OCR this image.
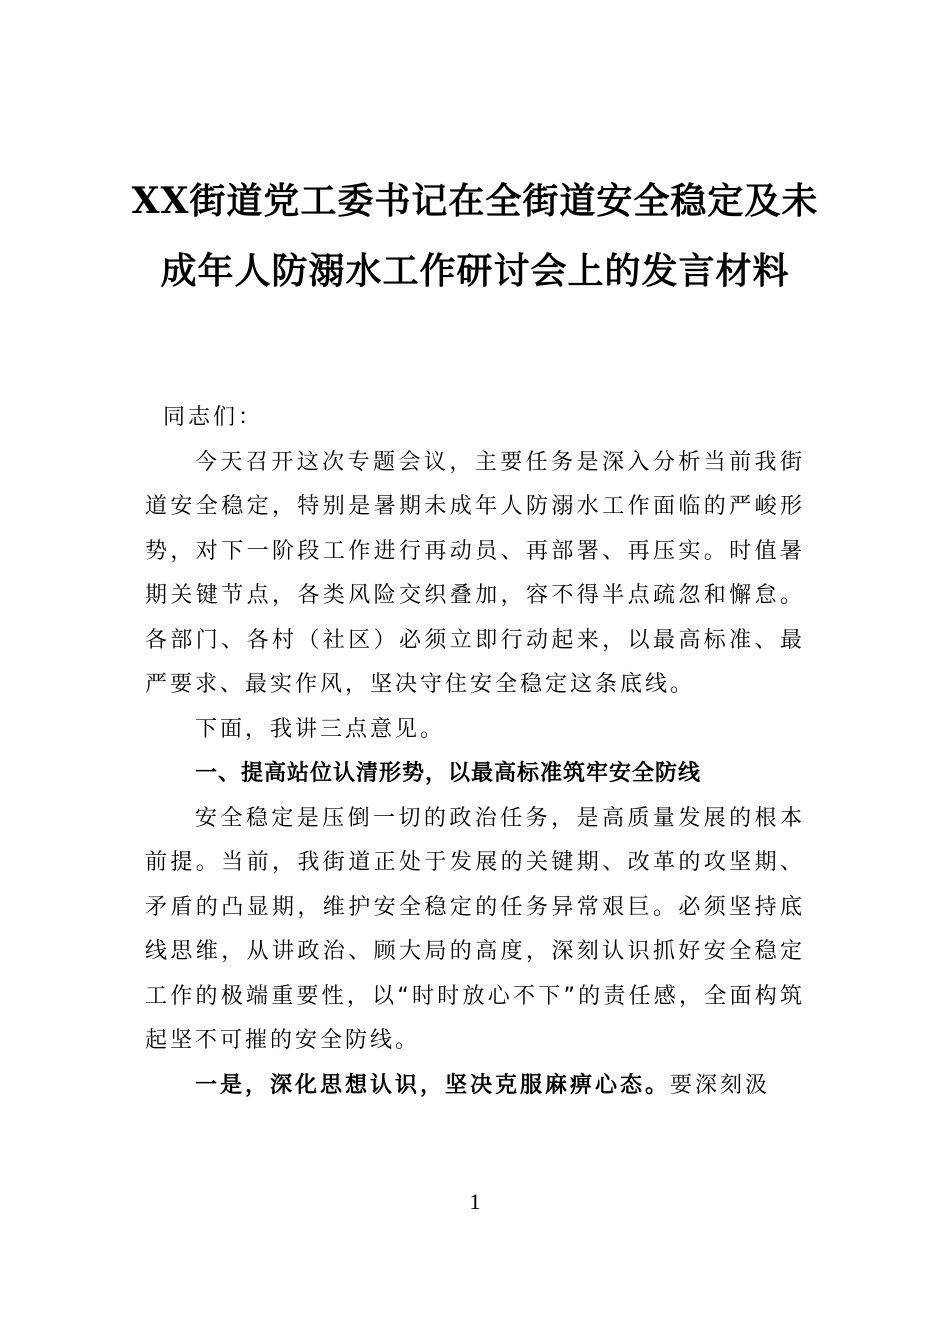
XX街道党工委书记在全街道安全稳定及未
成年人防溺水工作研讨会上的发言材料

同志们：

今天召开这次专题会议，主要任务是深入分析当前我街道安全稳定，特别是暑期未成年人防溺水工作面临的严峻形势，对下一阶段工作进行再动员、再部署、再压实。时值暑期关键节点，各类风险交织叠加，容不得半点疏忽和懈怠。各部门、各村（社区）必须立即行动起来，以最高标准、最严要求、最实作风，坚决守住安全稳定这条底线。

下面，我讲三点意见。

一、提高站位认清形势，以最高标准筑牢安全防线

安全稳定是压倒一切的政治任务，是高质量发展的根本前提。当前，我街道正处于发展的关键期、改革的攻坚期、矛盾的凸显期，维护安全稳定的任务异常艰巨。必须坚持底线思维，从讲政治、顾大局的高度，深刻认识抓好安全稳定工作的极端重要性，以“时时放心不下”的责任感，全面构筑起坚不可摧的安全防线。

一是，深化思想认识，坚决克服麻痹心态。要深刻汲

1
